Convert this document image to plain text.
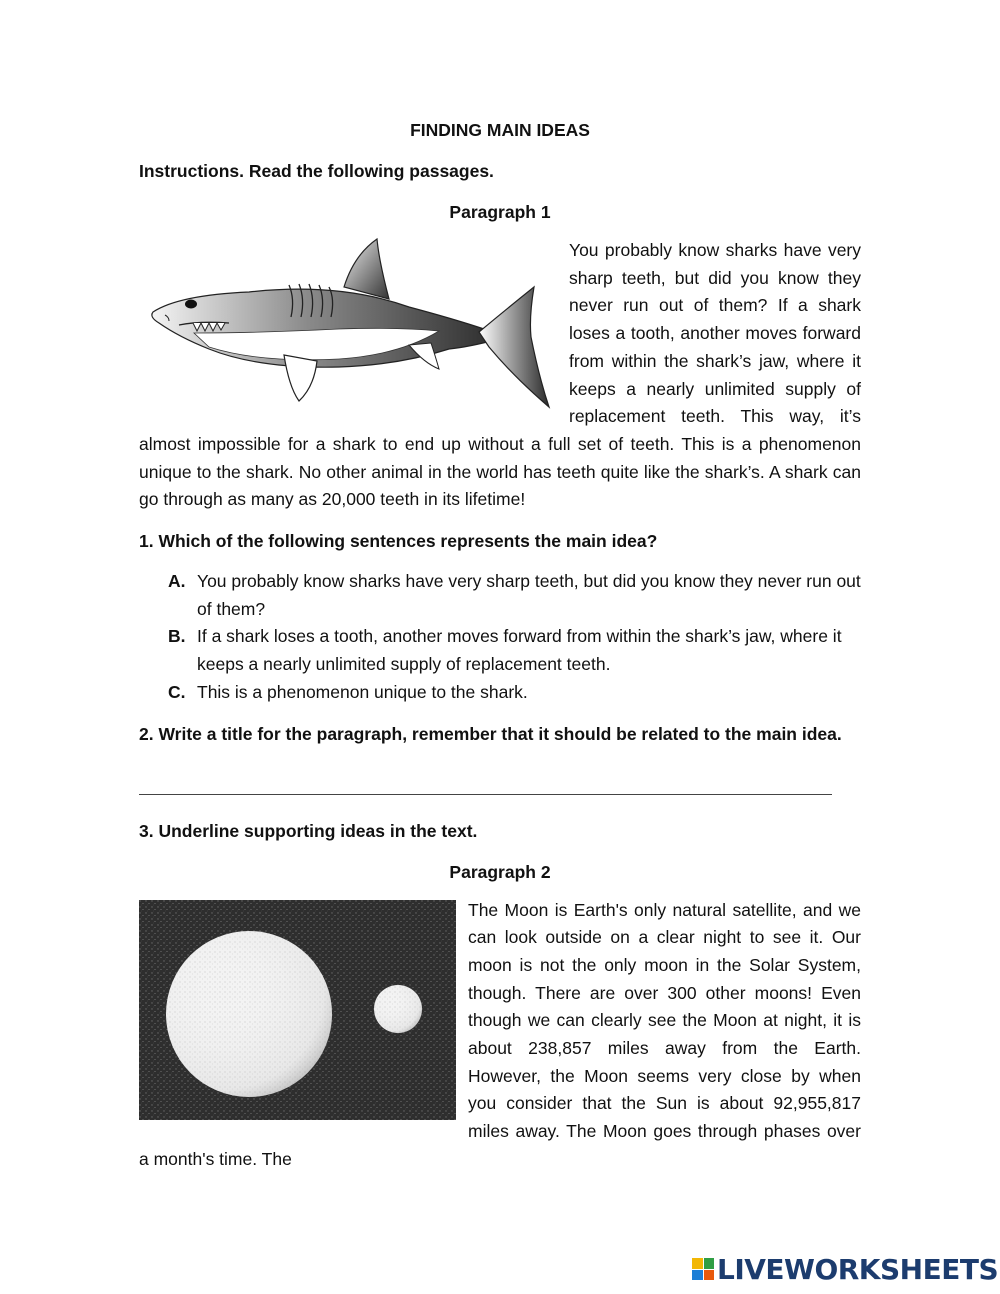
FINDING MAIN IDEAS
Instructions. Read the following passages.
Paragraph 1
You probably know sharks have very sharp teeth, but did you know they never run out of them? If a shark loses a tooth, another moves forward from within the shark’s jaw, where it keeps a nearly unlimited supply of replacement teeth. This way, it’s almost impossible for a shark to end up without a full set of teeth. This is a phenomenon unique to the shark. No other animal in the world has teeth quite like the shark’s. A shark can go through as many as 20,000 teeth in its lifetime!
1. Which of the following sentences represents the main idea?
A. You probably know sharks have very sharp teeth, but did you know they never run out of them?
B. If a shark loses a tooth, another moves forward from within the shark’s jaw, where it keeps a nearly unlimited supply of replacement teeth.
C. This is a phenomenon unique to the shark.
2. Write a title for the paragraph, remember that it should be related to the main idea.
3. Underline supporting ideas in the text.
Paragraph 2
The Moon is Earth's only natural satellite, and we can look outside on a clear night to see it. Our moon is not the only moon in the Solar System, though. There are over 300 other moons! Even though we can clearly see the Moon at night, it is about 238,857 miles away from the Earth. However, the Moon seems very close by when you consider that the Sun is about 92,955,817 miles away. The Moon goes through phases over a month's time. The
LIVEWORKSHEETS
